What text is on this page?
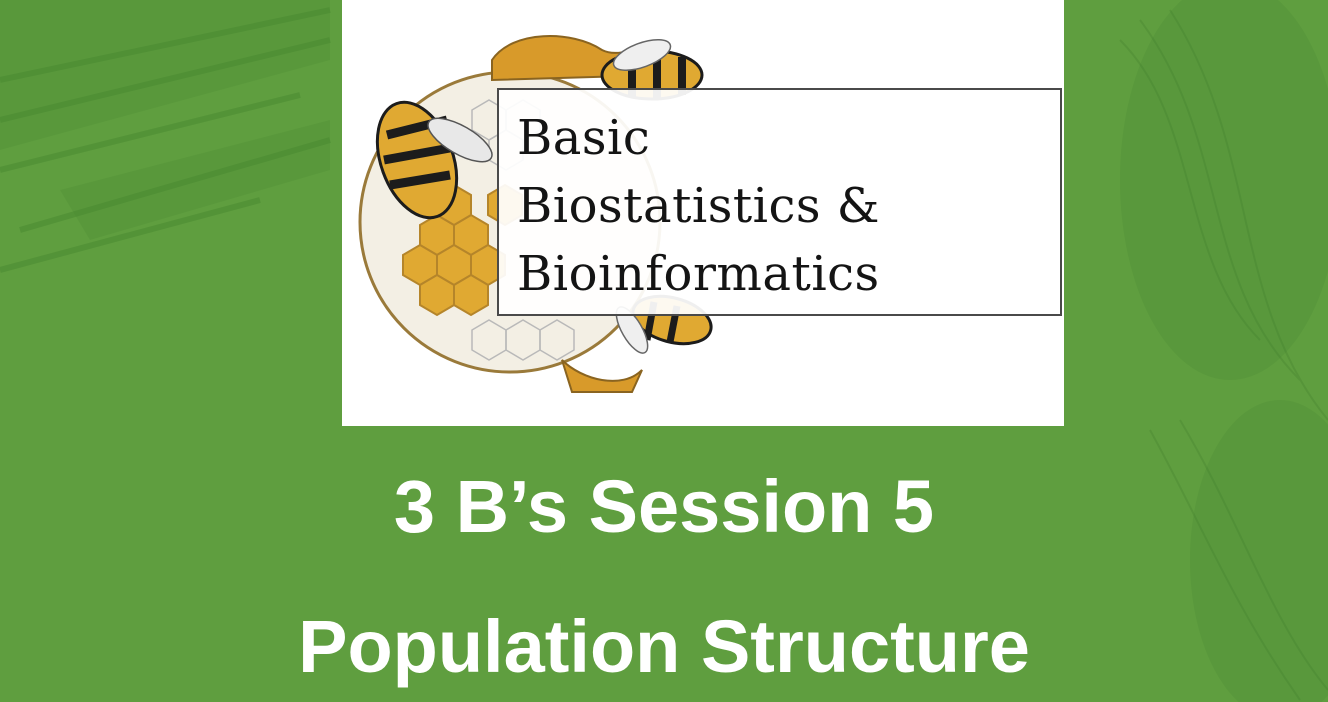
Basic
Biostatistics &
Bioinformatics
3 B’s Session 5
Population Structure
